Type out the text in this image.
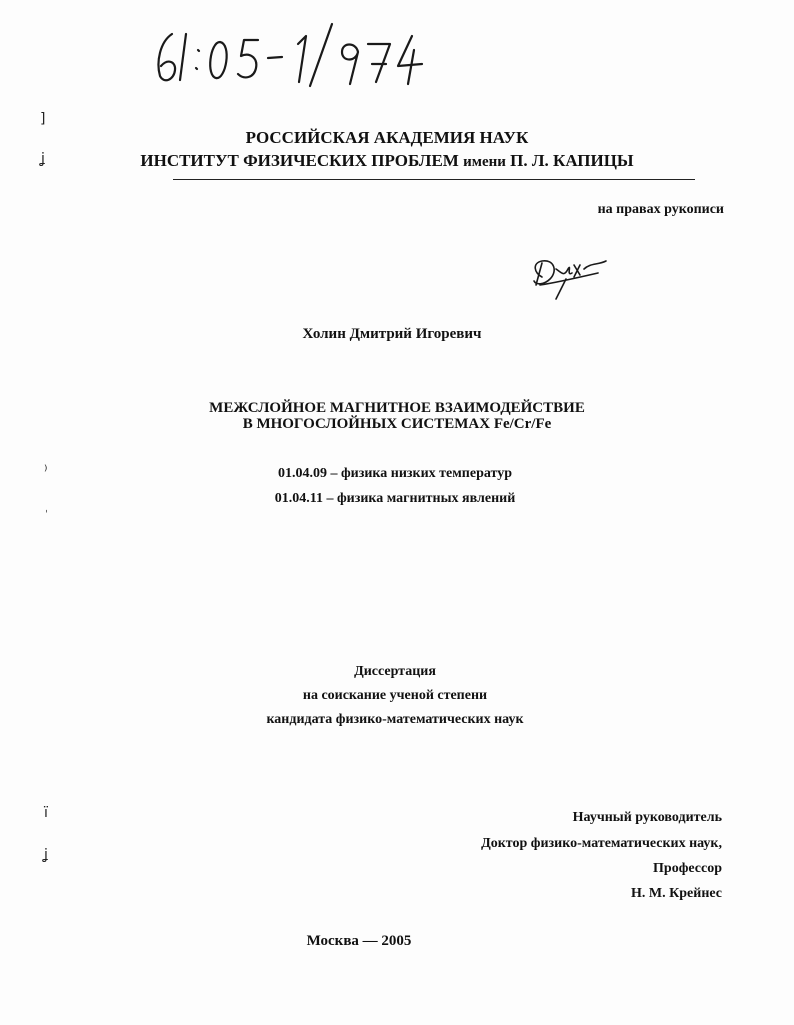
]
ʝ
⁾
ˌ
ï
ʝ
РОССИЙСКАЯ АКАДЕМИЯ НАУК
ИНСТИТУТ ФИЗИЧЕСКИХ ПРОБЛЕМ имени П. Л. КАПИЦЫ
на правах рукописи
Холин Дмитрий Игоревич
МЕЖСЛОЙНОЕ МАГНИТНОЕ ВЗАИМОДЕЙСТВИЕ
В МНОГОСЛОЙНЫХ СИСТЕМАХ Fe/Cr/Fe
01.04.09 – физика низких температур
01.04.11 – физика магнитных явлений
Диссертация
на соискание ученой степени
кандидата физико-математических наук
Научный руководитель
Доктор физико-математических наук,
Профессор
Н. М. Крейнес
Москва — 2005
